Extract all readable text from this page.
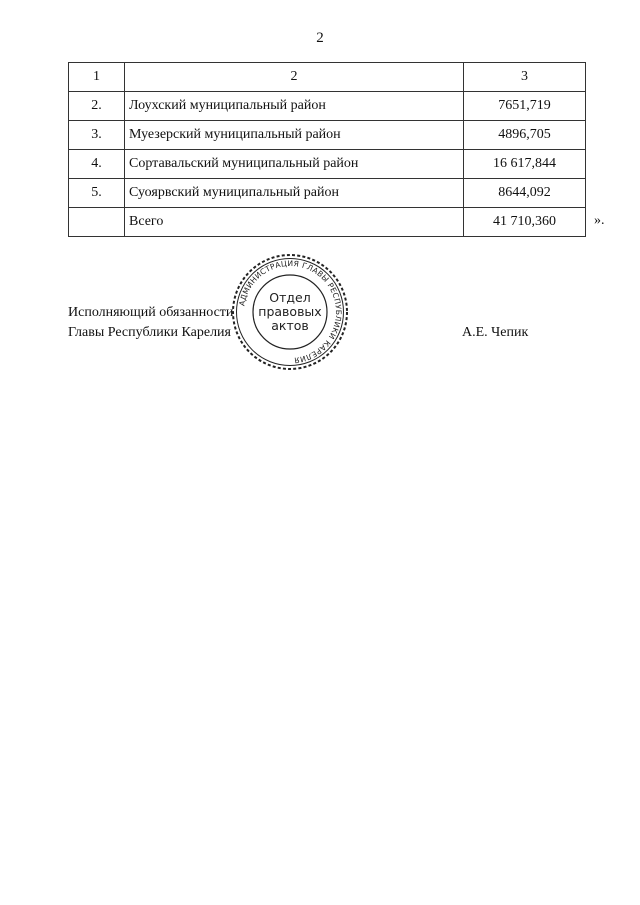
2
1	2	3
2.	Лоухский муниципальный район	7651,719
3.	Муезерский муниципальный район	4896,705
4.	Сортавальский муниципальный район	16 617,844
5.	Суоярвский муниципальный район	8644,092
	Всего	41 710,360	».
Исполняющий обязанности
Главы Республики Карелия	А.Е. Чепик
АДМИНИСТРАЦИЯ ГЛАВЫ РЕСПУБЛИКИ КАРЕЛИЯ
Отдел
правовых
актов
